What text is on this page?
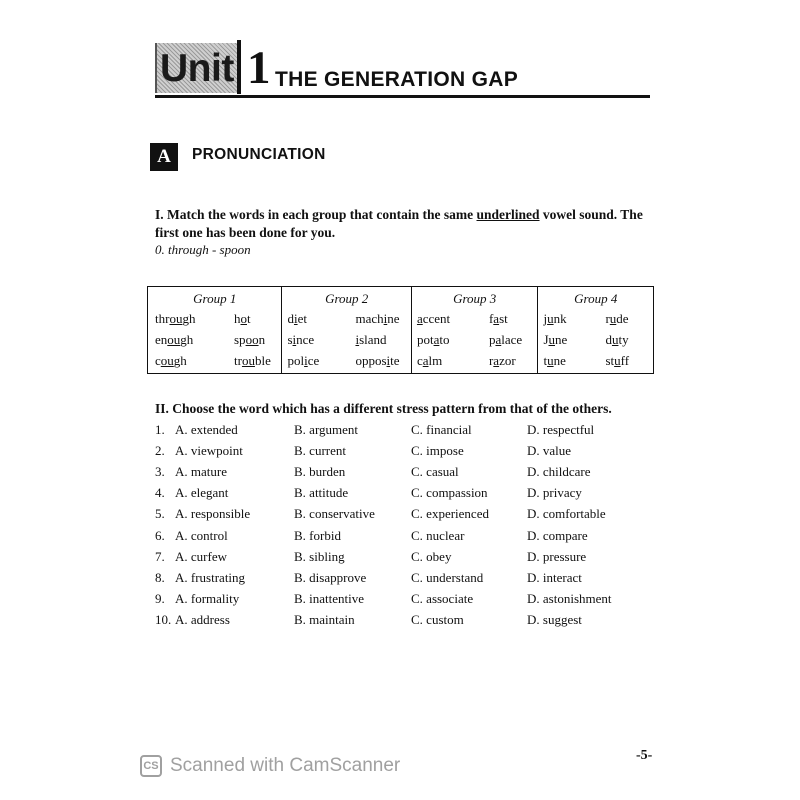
Unit 1 THE GENERATION GAP
A	PRONUNCIATION
I. Match the words in each group that contain the same underlined vowel sound. The first one has been done for you.
0. through - spoon
Group 1
through	hot
enough	spoon
cough	trouble
Group 2
diet	machine
since	island
police	opposite
Group 3
accent	fast
potato	palace
calm	razor
Group 4
junk	rude
June	duty
tune	stuff
II. Choose the word which has a different stress pattern from that of the others.
1. A. extended	B. argument	C. financial	D. respectful
2. A. viewpoint	B. current	C. impose	D. value
3. A. mature	B. burden	C. casual	D. childcare
4. A. elegant	B. attitude	C. compassion	D. privacy
5. A. responsible	B. conservative	C. experienced	D. comfortable
6. A. control	B. forbid	C. nuclear	D. compare
7. A. curfew	B. sibling	C. obey	D. pressure
8. A. frustrating	B. disapprove	C. understand	D. interact
9. A. formality	B. inattentive	C. associate	D. astonishment
10. A. address	B. maintain	C. custom	D. suggest
CS Scanned with CamScanner	-5-
